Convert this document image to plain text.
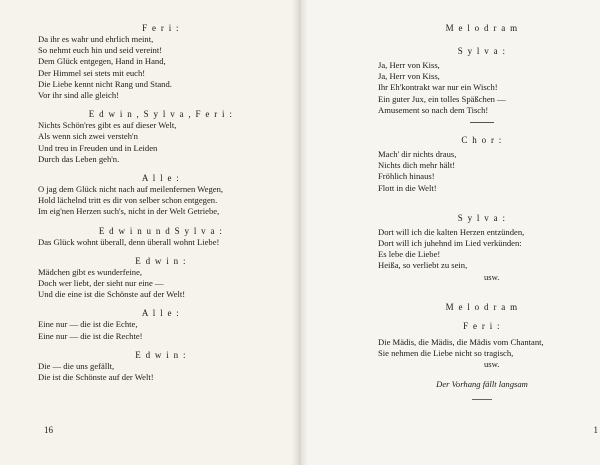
F e r i :

Da ihr es wahr und ehrlich meint,

So nehmt euch hin und seid vereint!

Dem Glück entgegen, Hand in Hand,

Der Himmel sei stets mit euch!

Die Liebe kennt nicht Rang und Stand.

Vor ihr sind alle gleich!

E d w i n , S y l v a , F e r i :

Nichts Schön'res gibt es auf dieser Welt,

Als wenn sich zwei versteh'n

Und treu in Freuden und in Leiden

Durch das Leben geh'n.

A l l e :

O jag dem Glück nicht nach auf meilenfernen Wegen,

Hold lächelnd tritt es dir von selber schon entgegen.

Im eig'nen Herzen such's, nicht in der Welt Getriebe,

E d w i n u n d S y l v a :

Das Glück wohnt überall, denn überall wohnt Liebe!

E d w i n :

Mädchen gibt es wunderfeine,

Doch wer liebt, der sieht nur eine —

Und die eine ist die Schönste auf der Welt!

A l l e :

Eine nur — die ist die Echte,

Eine nur — die ist die Rechte!

E d w i n :

Die — die uns gefällt,

Die ist die Schönste auf der Welt!

16

M e l o d r a m

S y l v a :

Ja, Herr von Kiss,

Ja, Herr von Kiss,

Ihr Eh'kontrakt war nur ein Wisch!

Ein guter Jux, ein tolles Späßchen —

Amusement so nach dem Tisch!

C h o r :

Mach' dir nichts draus,

Nichts dich mehr hält!

Fröhlich hinaus!

Flott in die Welt!

S y l v a :

Dort will ich die kalten Herzen entzünden,

Dort will ich juhehnd im Lied verkünden:

Es lebe die Liebe!

Heißa, so verliebt zu sein,

usw.

M e l o d r a m

F e r i :

Die Mädis, die Mädis, die Mädis vom Chantant,

Sie nehmen die Liebe nicht so tragisch,

usw.

Der Vorhang fällt langsam

1
